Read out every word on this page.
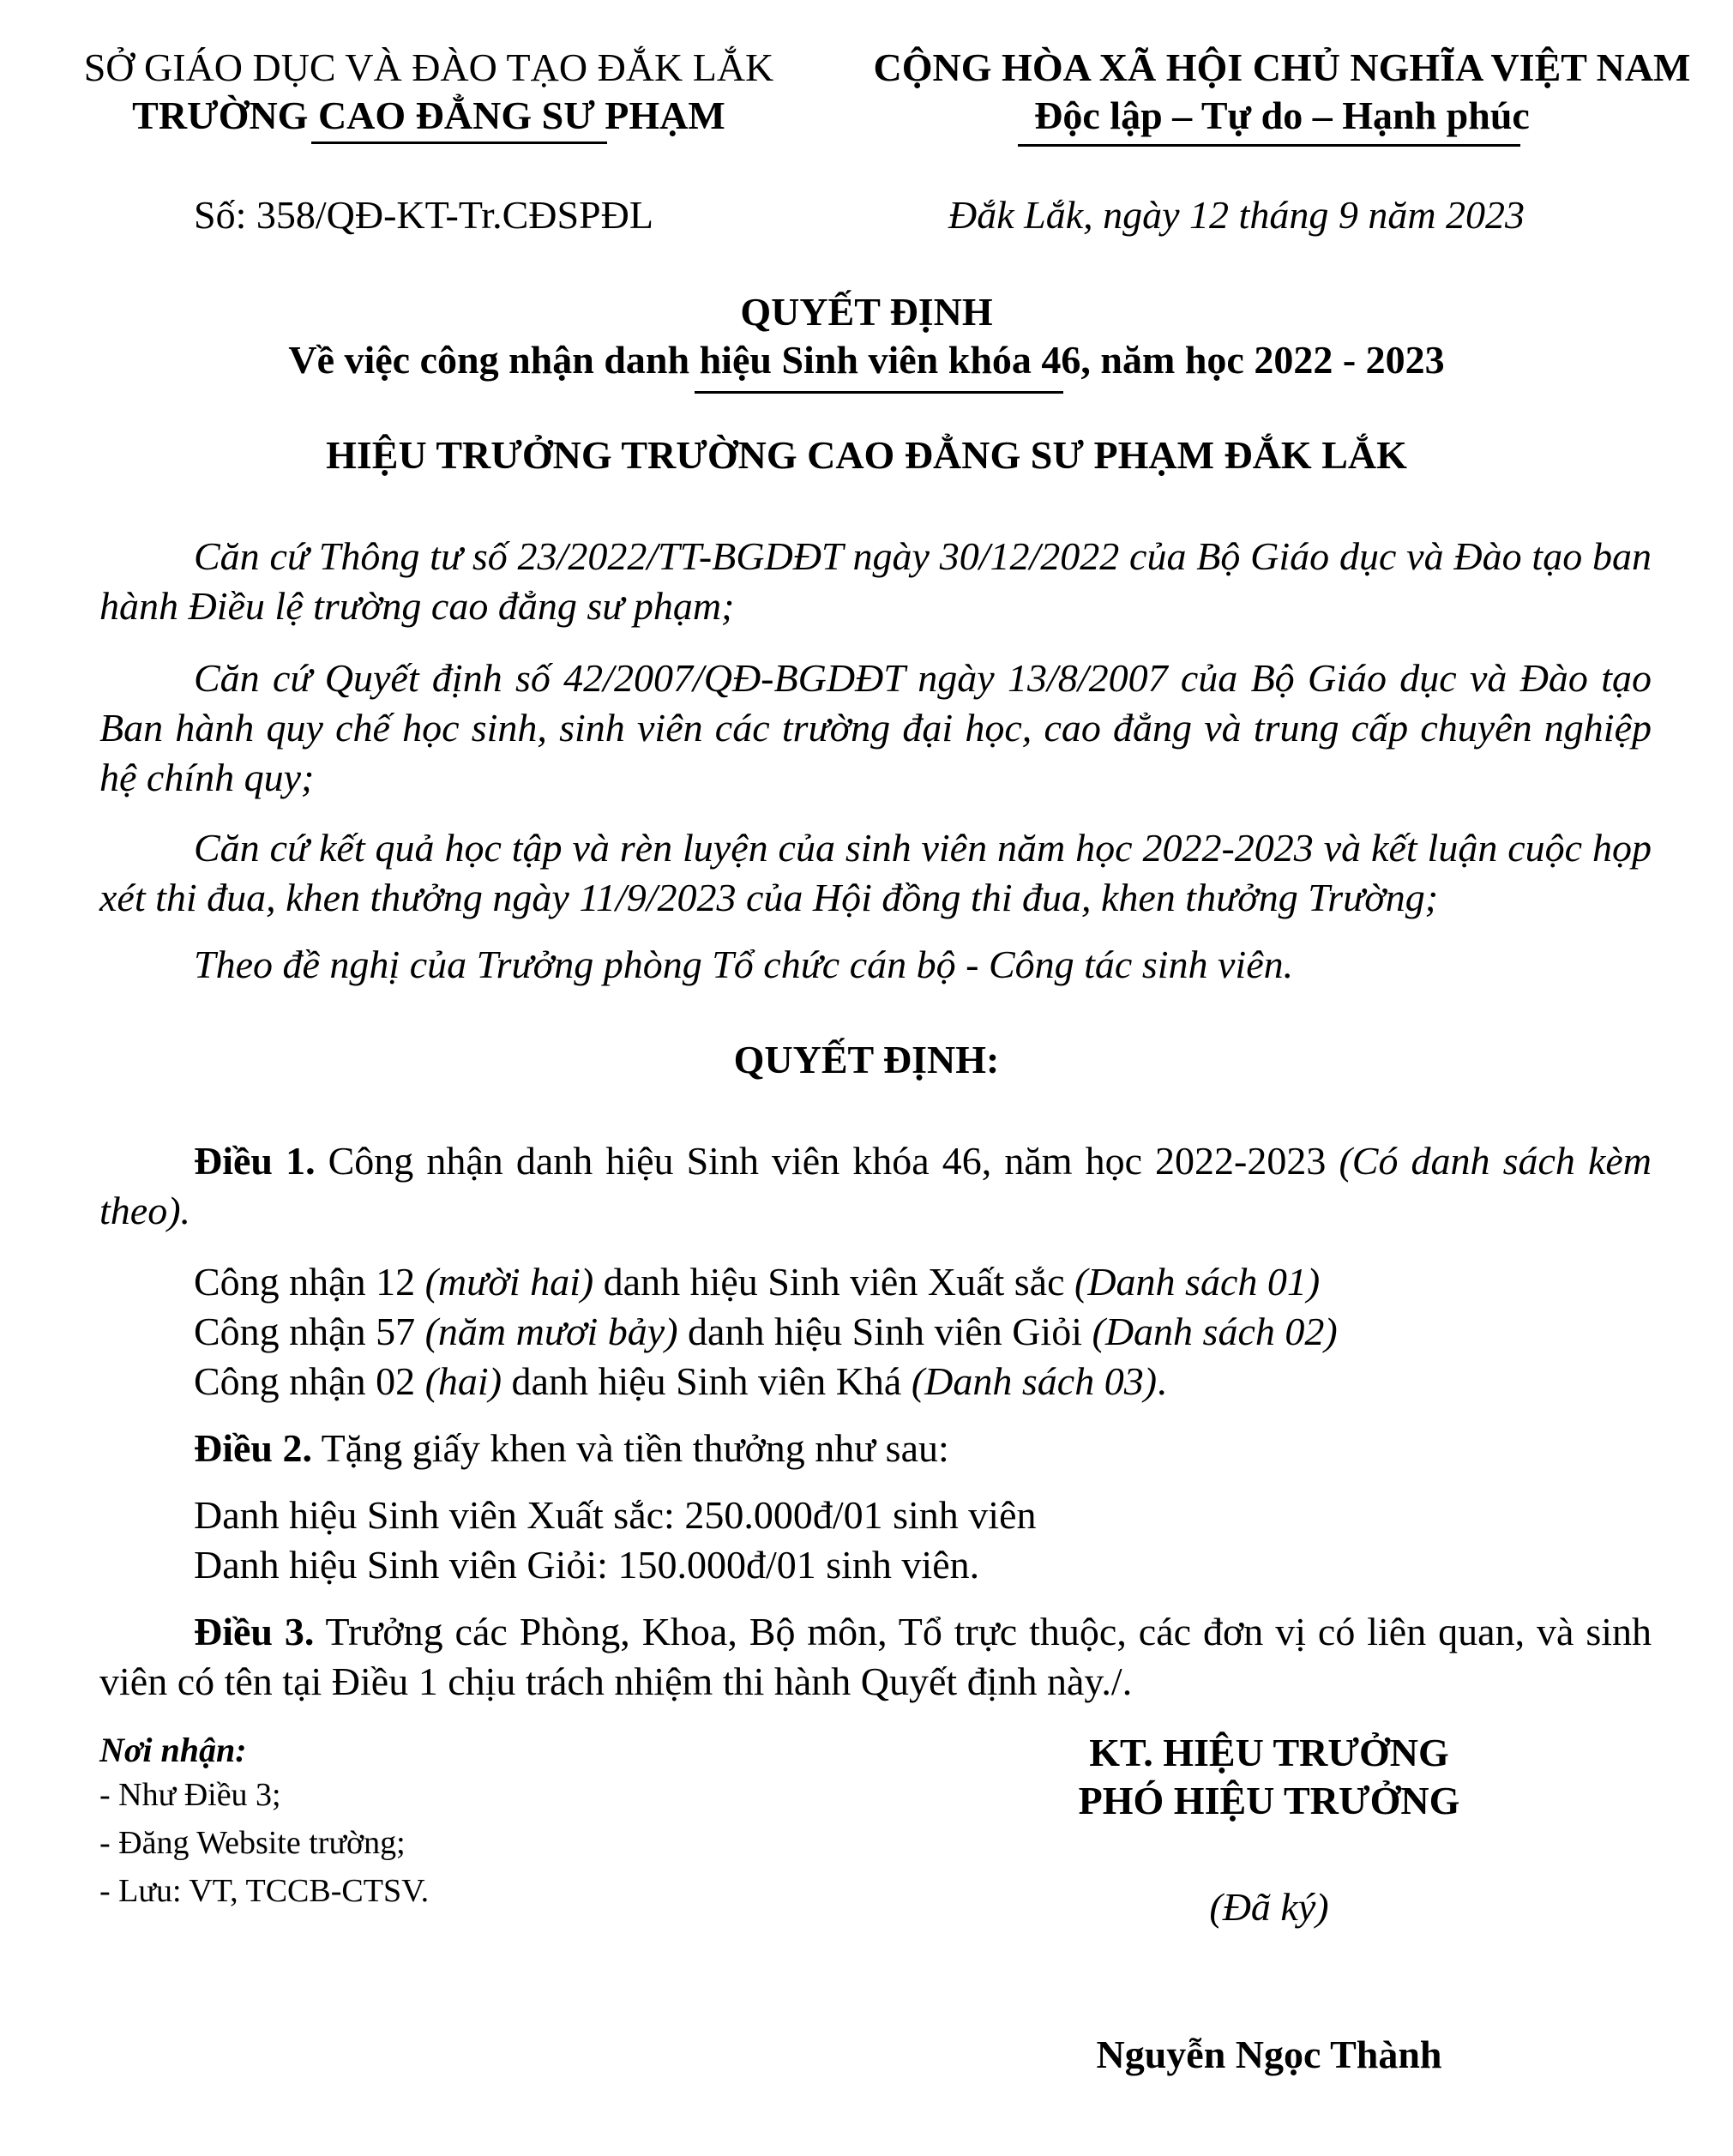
SỞ GIÁO DỤC VÀ ĐÀO TẠO ĐẮK LẮK
TRƯỜNG CAO ĐẲNG SƯ PHẠM
CỘNG HÒA XÃ HỘI CHỦ NGHĨA VIỆT NAM
Độc lập – Tự do – Hạnh phúc
Số: 358/QĐ-KT-Tr.CĐSPĐL	Đắk Lắk, ngày 12 tháng 9 năm 2023
QUYẾT ĐỊNH
Về việc công nhận danh hiệu Sinh viên khóa 46, năm học 2022 - 2023
HIỆU TRƯỞNG TRƯỜNG CAO ĐẲNG SƯ PHẠM ĐẮK LẮK
Căn cứ Thông tư số 23/2022/TT-BGDĐT ngày 30/12/2022 của Bộ Giáo dục và Đào tạo ban hành Điều lệ trường cao đẳng sư phạm;
Căn cứ Quyết định số 42/2007/QĐ-BGDĐT ngày 13/8/2007 của Bộ Giáo dục và Đào tạo Ban hành quy chế học sinh, sinh viên các trường đại học, cao đẳng và trung cấp chuyên nghiệp hệ chính quy;
Căn cứ kết quả học tập và rèn luyện của sinh viên năm học 2022-2023 và kết luận cuộc họp xét thi đua, khen thưởng ngày 11/9/2023 của Hội đồng thi đua, khen thưởng Trường;
Theo đề nghị của Trưởng phòng Tổ chức cán bộ - Công tác sinh viên.
QUYẾT ĐỊNH:
Điều 1. Công nhận danh hiệu Sinh viên khóa 46, năm học 2022-2023 (Có danh sách kèm theo).
Công nhận 12 (mười hai) danh hiệu Sinh viên Xuất sắc (Danh sách 01)
Công nhận 57 (năm mươi bảy) danh hiệu Sinh viên Giỏi (Danh sách 02)
Công nhận 02 (hai) danh hiệu Sinh viên Khá (Danh sách 03).
Điều 2. Tặng giấy khen và tiền thưởng như sau:
Danh hiệu Sinh viên Xuất sắc: 250.000đ/01 sinh viên
Danh hiệu Sinh viên Giỏi: 150.000đ/01 sinh viên.
Điều 3. Trưởng các Phòng, Khoa, Bộ môn, Tổ trực thuộc, các đơn vị có liên quan, và sinh viên có tên tại Điều 1 chịu trách nhiệm thi hành Quyết định này./.
Nơi nhận:
- Như Điều 3;
- Đăng Website trường;
- Lưu: VT, TCCB-CTSV.
KT. HIỆU TRƯỞNG
PHÓ HIỆU TRƯỞNG
(Đã ký)
Nguyễn Ngọc Thành
